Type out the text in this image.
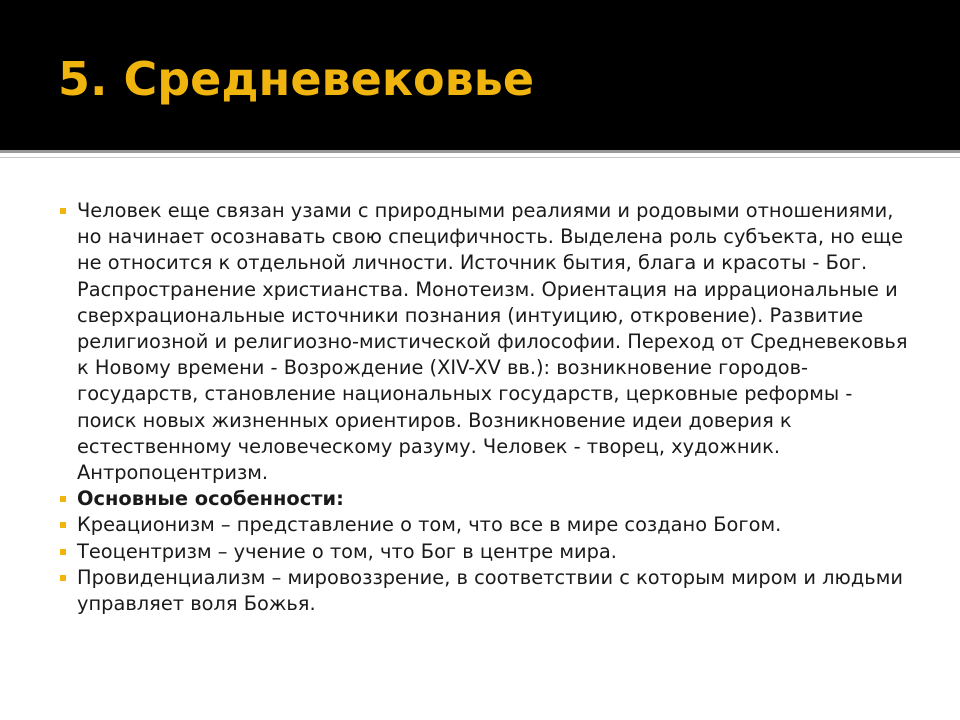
5. Средневековье
Человек еще связан узами с природными реалиями и родовыми отношениями, но начинает осознавать свою специфичность. Выделена роль субъекта, но еще не относится к отдельной личности. Источник бытия, блага и красоты - Бог. Распространение христианства. Монотеизм. Ориентация на иррациональные и сверхрациональные источники познания (интуицию, откровение). Развитие религиозной и религиозно-мистической философии. Переход от Средневековья к Новому времени - Возрождение (XIV-XV вв.): возникновение городов-государств, становление национальных государств, церковные реформы - поиск новых жизненных ориентиров. Возникновение идеи доверия к естественному человеческому разуму. Человек - творец, художник. Антропоцентризм.
Основные особенности:
Креационизм – представление о том, что все в мире создано Богом.
Теоцентризм – учение о том, что Бог в центре мира.
Провиденциализм – мировоззрение, в соответствии с которым миром и людьми управляет воля Божья.
